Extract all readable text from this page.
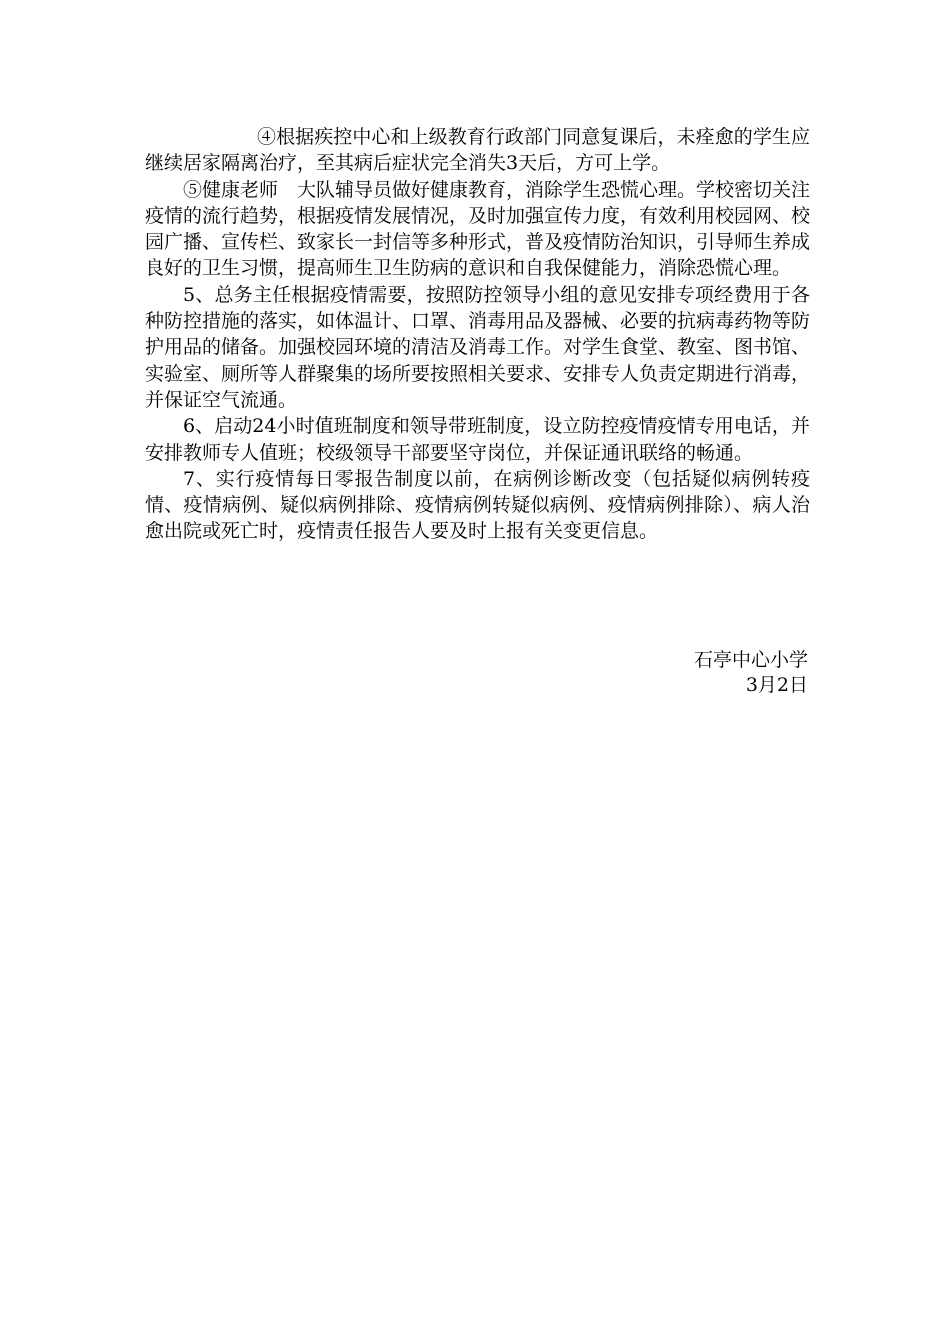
④根据疾控中心和上级教育行政部门同意复课后，未痊愈的学生应继续居家隔离治疗，至其病后症状完全消失3天后，方可上学。

⑤健康老师　大队辅导员做好健康教育，消除学生恐慌心理。学校密切关注疫情的流行趋势，根据疫情发展情况，及时加强宣传力度，有效利用校园网、校园广播、宣传栏、致家长一封信等多种形式，普及疫情防治知识，引导师生养成良好的卫生习惯，提高师生卫生防病的意识和自我保健能力，消除恐慌心理。

5、总务主任根据疫情需要，按照防控领导小组的意见安排专项经费用于各种防控措施的落实，如体温计、口罩、消毒用品及器械、必要的抗病毒药物等防护用品的储备。加强校园环境的清洁及消毒工作。对学生食堂、教室、图书馆、实验室、厕所等人群聚集的场所要按照相关要求、安排专人负责定期进行消毒，并保证空气流通。

6、启动24小时值班制度和领导带班制度，设立防控疫情疫情专用电话，并安排教师专人值班；校级领导干部要坚守岗位，并保证通讯联络的畅通。

7、实行疫情每日零报告制度以前，在病例诊断改变（包括疑似病例转疫情、疫情病例、疑似病例排除、疫情病例转疑似病例、疫情病例排除）、病人治愈出院或死亡时，疫情责任报告人要及时上报有关变更信息。

石亭中心小学
3月2日
